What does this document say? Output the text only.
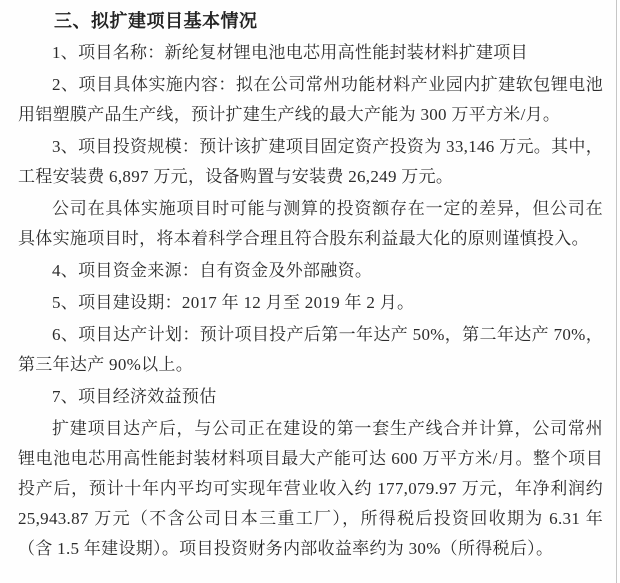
三、拟扩建项目基本情况

1、项目名称：新纶复材锂电池电芯用高性能封装材料扩建项目

2、项目具体实施内容：拟在公司常州功能材料产业园内扩建软包锂电池用铝塑膜产品生产线，预计扩建生产线的最大产能为 300 万平方米/月。

3、项目投资规模：预计该扩建项目固定资产投资为 33,146 万元。其中，工程安装费 6,897 万元，设备购置与安装费 26,249 万元。

公司在具体实施项目时可能与测算的投资额存在一定的差异，但公司在具体实施项目时，将本着科学合理且符合股东利益最大化的原则谨慎投入。

4、项目资金来源：自有资金及外部融资。

5、项目建设期：2017 年 12 月至 2019 年 2 月。

6、项目达产计划：预计项目投产后第一年达产 50%，第二年达产 70%，第三年达产 90%以上。

7、项目经济效益预估

扩建项目达产后，与公司正在建设的第一套生产线合并计算，公司常州锂电池电芯用高性能封装材料项目最大产能可达 600 万平方米/月。整个项目投产后，预计十年内平均可实现年营业收入约 177,079.97 万元，年净利润约 25,943.87 万元（不含公司日本三重工厂），所得税后投资回收期为 6.31 年（含 1.5 年建设期）。项目投资财务内部收益率约为 30%（所得税后）。
